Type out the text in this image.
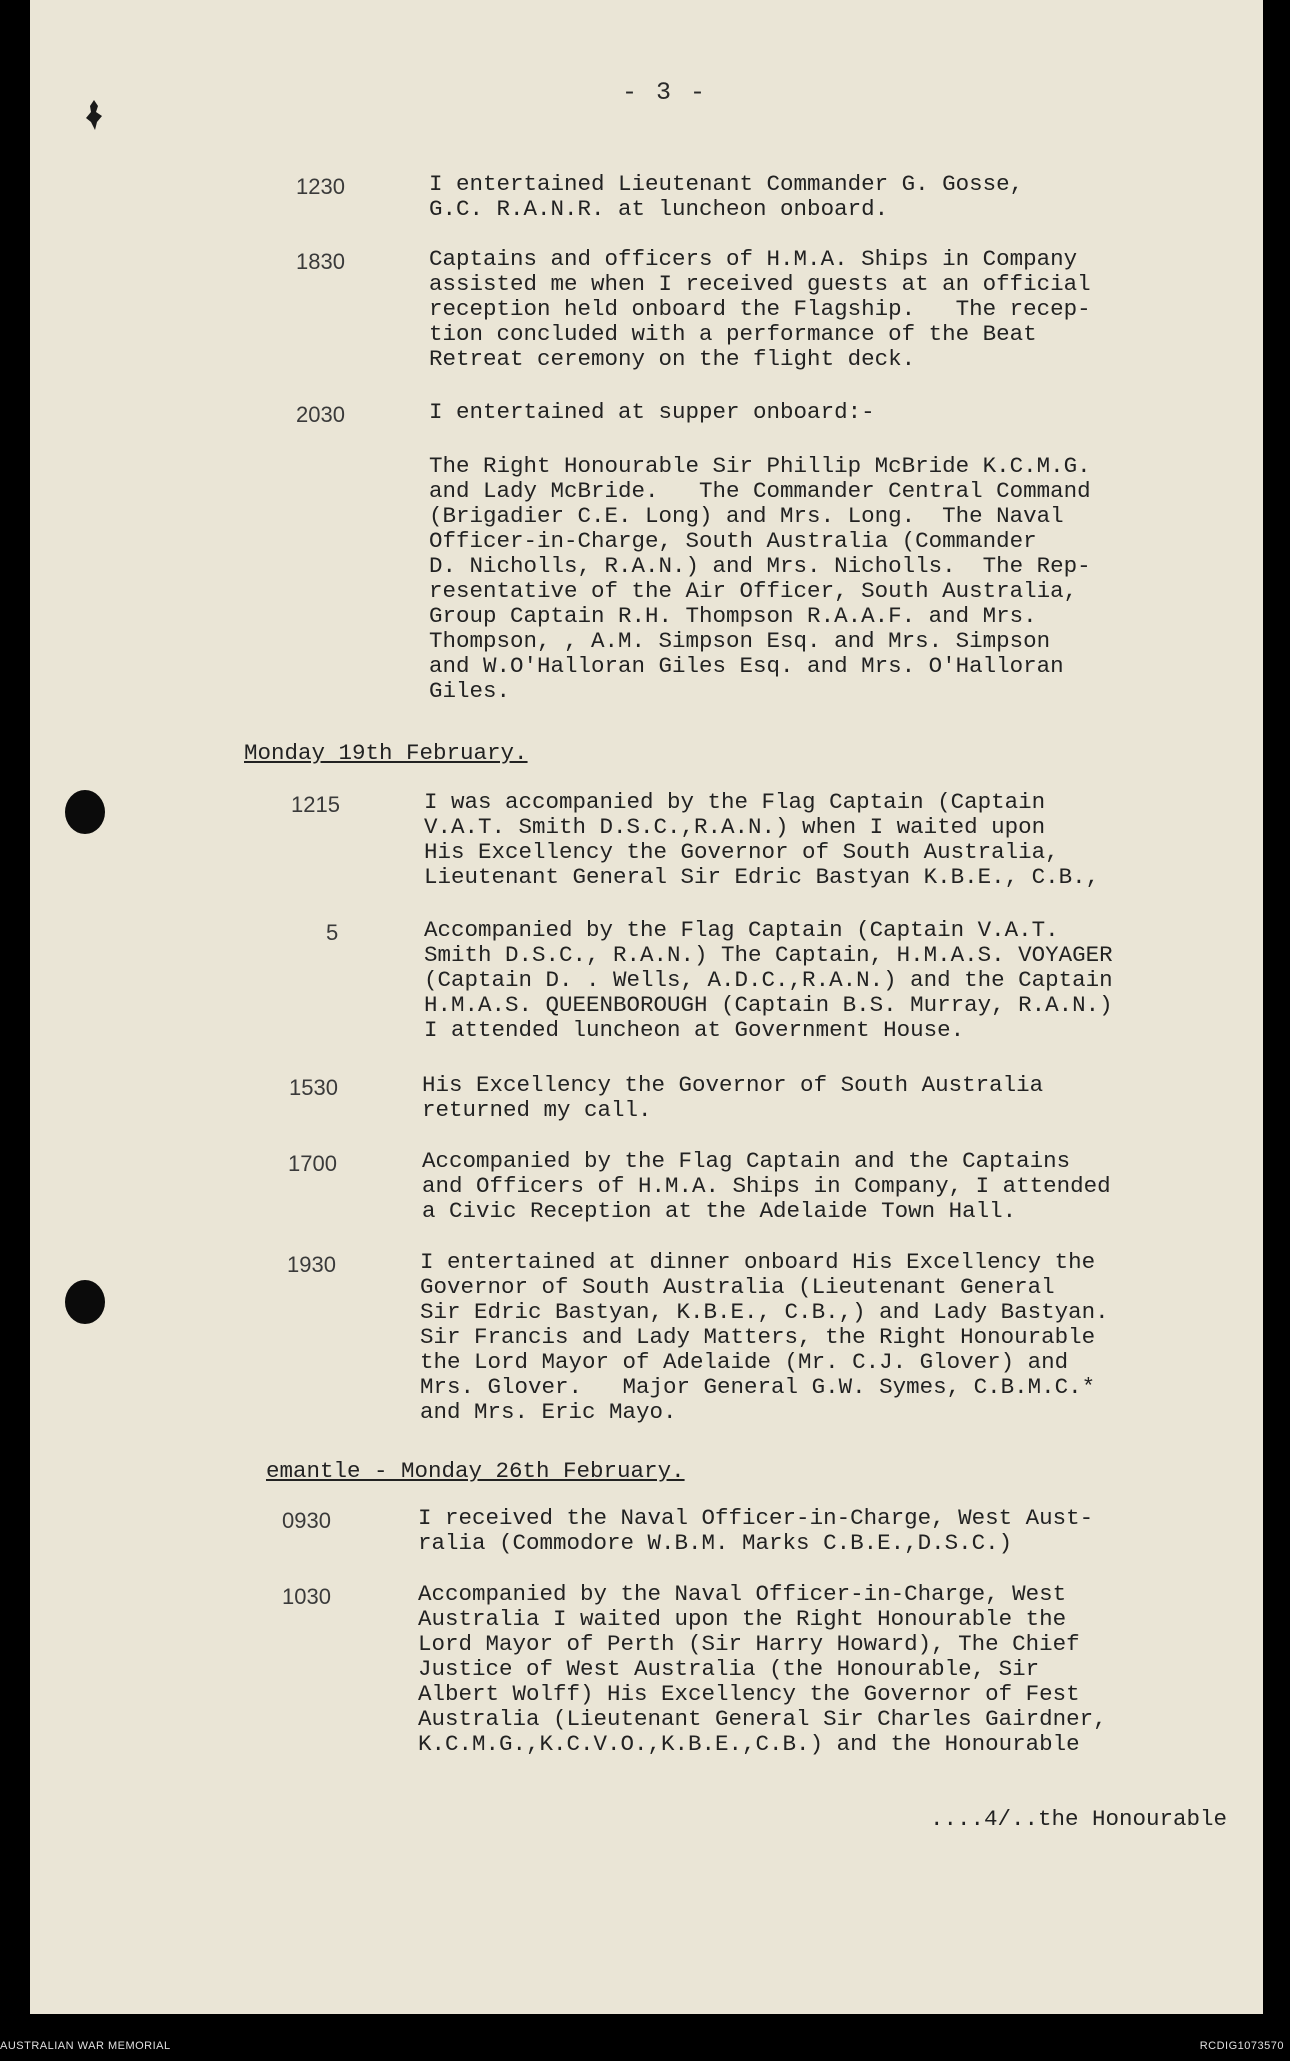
- 3 -
1230	I entertained Lieutenant Commander G. Gosse,
G.C. R.A.N.R. at luncheon onboard.
1830	Captains and officers of H.M.A. Ships in Company
assisted me when I received guests at an official
reception held onboard the Flagship.   The recep-
tion concluded with a performance of the Beat
Retreat ceremony on the flight deck.
2030	I entertained at supper onboard:-
The Right Honourable Sir Phillip McBride K.C.M.G.
and Lady McBride.   The Commander Central Command
(Brigadier C.E. Long) and Mrs. Long.  The Naval
Officer-in-Charge, South Australia (Commander
D. Nicholls, R.A.N.) and Mrs. Nicholls.  The Rep-
resentative of the Air Officer, South Australia,
Group Captain R.H. Thompson R.A.A.F. and Mrs.
Thompson, , A.M. Simpson Esq. and Mrs. Simpson
and W.O'Halloran Giles Esq. and Mrs. O'Halloran
Giles.
Monday 19th February.
1215	I was accompanied by the Flag Captain (Captain
V.A.T. Smith D.S.C.,R.A.N.) when I waited upon
His Excellency the Governor of South Australia,
Lieutenant General Sir Edric Bastyan K.B.E., C.B.,
5	Accompanied by the Flag Captain (Captain V.A.T.
Smith D.S.C., R.A.N.) The Captain, H.M.A.S. VOYAGER
(Captain D. . Wells, A.D.C.,R.A.N.) and the Captain
H.M.A.S. QUEENBOROUGH (Captain B.S. Murray, R.A.N.)
I attended luncheon at Government House.
1530	His Excellency the Governor of South Australia
returned my call.
1700	Accompanied by the Flag Captain and the Captains
and Officers of H.M.A. Ships in Company, I attended
a Civic Reception at the Adelaide Town Hall.
1930	I entertained at dinner onboard His Excellency the
Governor of South Australia (Lieutenant General
Sir Edric Bastyan, K.B.E., C.B.,) and Lady Bastyan.
Sir Francis and Lady Matters, the Right Honourable
the Lord Mayor of Adelaide (Mr. C.J. Glover) and
Mrs. Glover.   Major General G.W. Symes, C.B.M.C.*
and Mrs. Eric Mayo.
emantle - Monday 26th February.
0930	I received the Naval Officer-in-Charge, West Aust-
ralia (Commodore W.B.M. Marks C.B.E.,D.S.C.)
1030	Accompanied by the Naval Officer-in-Charge, West
Australia I waited upon the Right Honourable the
Lord Mayor of Perth (Sir Harry Howard), The Chief
Justice of West Australia (the Honourable, Sir
Albert Wolff) His Excellency the Governor of Fest
Australia (Lieutenant General Sir Charles Gairdner,
K.C.M.G.,K.C.V.O.,K.B.E.,C.B.) and the Honourable
....4/..the Honourable
AUSTRALIAN WAR MEMORIAL	RCDIG1073570
